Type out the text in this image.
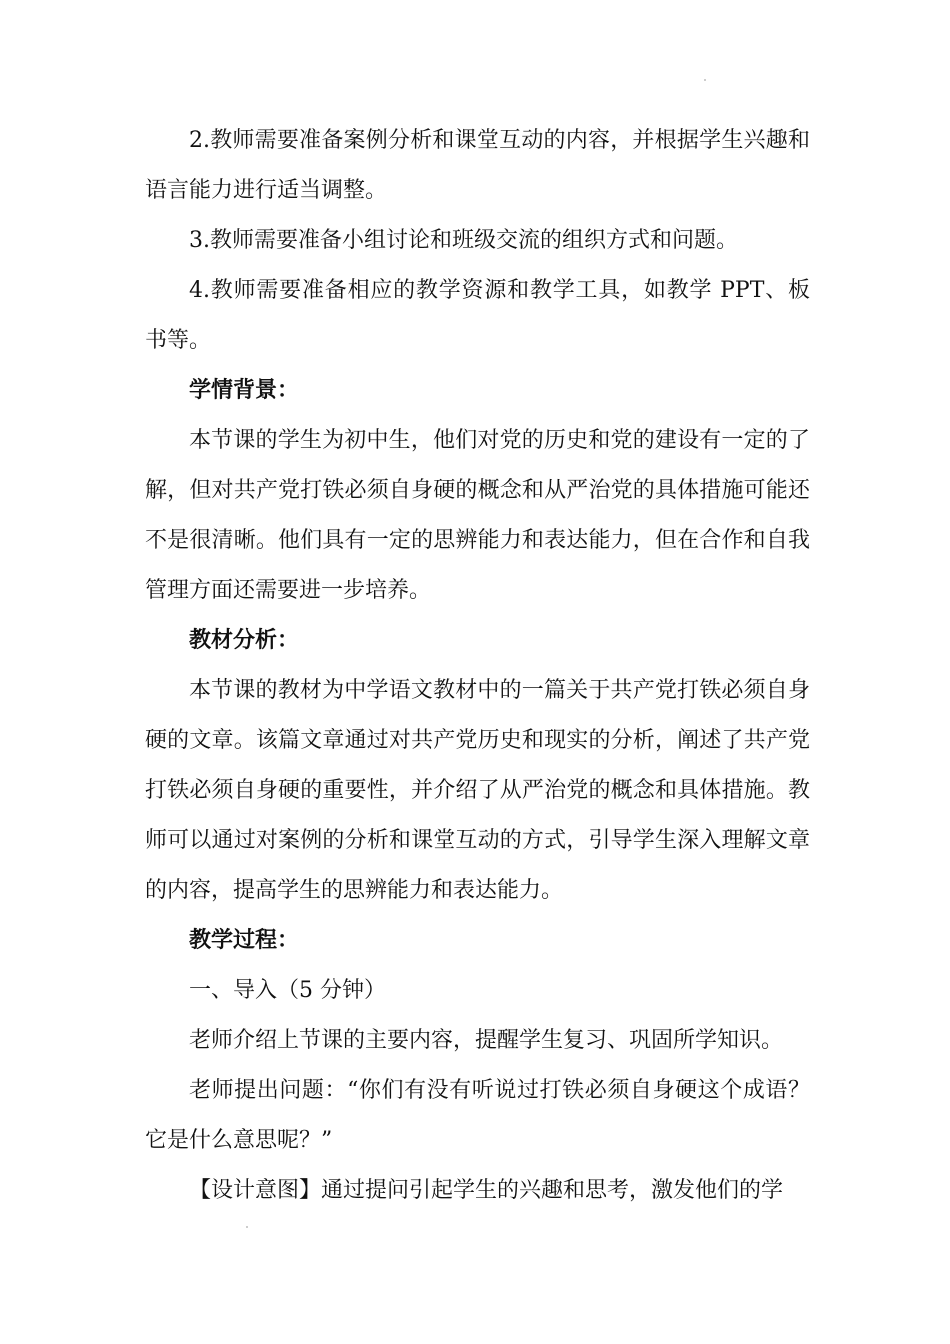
2.教师需要准备案例分析和课堂互动的内容，并根据学生兴趣和语言能力进行适当调整。

3.教师需要准备小组讨论和班级交流的组织方式和问题。

4.教师需要准备相应的教学资源和教学工具，如教学 PPT、板书等。

学情背景：

本节课的学生为初中生，他们对党的历史和党的建设有一定的了解，但对共产党打铁必须自身硬的概念和从严治党的具体措施可能还不是很清晰。他们具有一定的思辨能力和表达能力，但在合作和自我管理方面还需要进一步培养。

教材分析：

本节课的教材为中学语文教材中的一篇关于共产党打铁必须自身硬的文章。该篇文章通过对共产党历史和现实的分析，阐述了共产党打铁必须自身硬的重要性，并介绍了从严治党的概念和具体措施。教师可以通过对案例的分析和课堂互动的方式，引导学生深入理解文章的内容，提高学生的思辨能力和表达能力。

教学过程：

一、导入（5 分钟）

老师介绍上节课的主要内容，提醒学生复习、巩固所学知识。

老师提出问题：“你们有没有听说过打铁必须自身硬这个成语？它是什么意思呢？”

【设计意图】通过提问引起学生的兴趣和思考，激发他们的学
